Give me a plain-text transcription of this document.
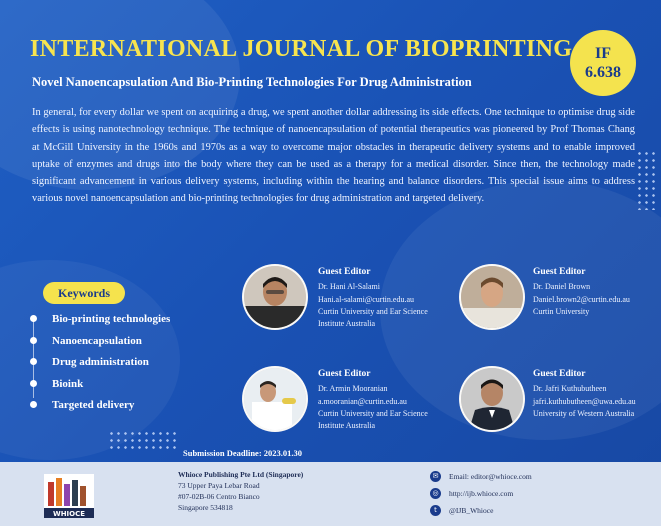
INTERNATIONAL JOURNAL OF BIOPRINTING IF
6.638
Novel Nanoencapsulation And Bio-Printing Technologies For Drug Administration
In general, for every dollar we spent on acquiring a drug, we spent another dollar addressing its side effects. One technique to optimise drug side effects is using nanotechnology technique. The technique of nanoencapsulation of potential therapeutics was pioneered by Prof Thomas Chang at McGill University in the 1960s and 1970s as a way to overcome major obstacles in therapeutic delivery systems and to enable improved uptake of enzymes and drugs into the body where they can be used as a therapy for a medical disorder. Since then, the technology made significant advancement in various delivery systems, including within the hearing and balance disorders. This special issue aims to address various novel nanoencapsulation and bio-printing technologies for drug administration and targeted delivery.
Keywords
Bio-printing technologies
Nanoencapsulation
Drug administration
Bioink
Targeted delivery
Guest Editor
Dr. Hani Al-Salami
Hani.al-salami@curtin.edu.au
Curtin University and Ear Science
Institute Australia
Guest Editor
Dr. Daniel Brown
Daniel.brown2@curtin.edu.au
Curtin University
Guest Editor
Dr. Armin Mooranian
a.mooranian@curtin.edu.au
Curtin University and Ear Science
Institute Australia
Guest Editor
Dr. Jafri Kuthubutheen
jafri.kuthubutheen@uwa.edu.au
University of Western Australia
Submission Deadline: 2023.01.30
WHIOCE
Whioce Publishing Pte Ltd (Singapore)
73 Upper Paya Lebar Road
#07-02B-06 Centro Bianco
Singapore 534818
✉	Email: editor@whioce.com
◎	http://ijb.whioce.com
t	@IJB_Whioce
